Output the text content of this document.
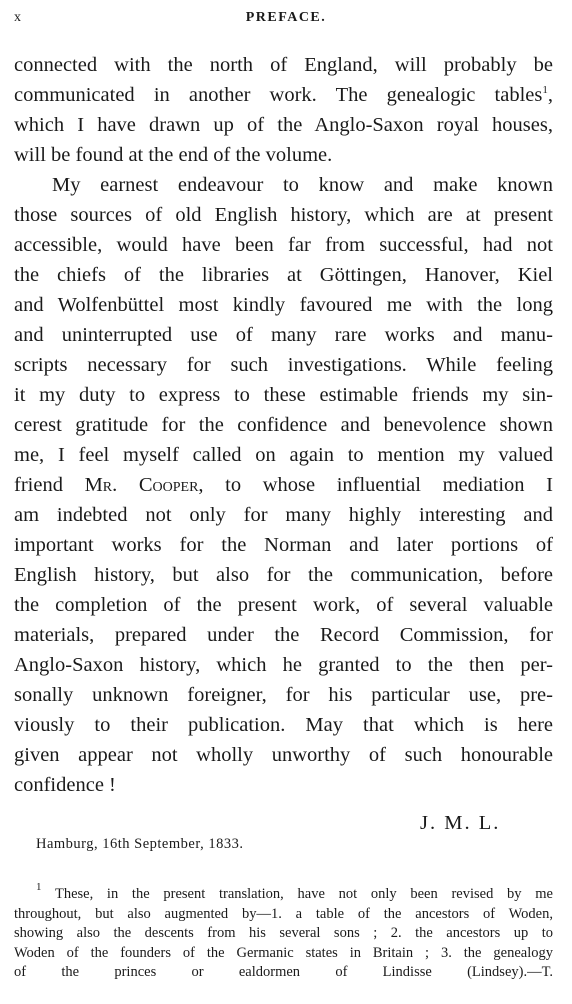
x	PREFACE.

connected with the north of England, will probably be
communicated in another work. The genealogic tables$^1$,
which I have drawn up of the Anglo-Saxon royal houses,
will be found at the end of the volume.

My earnest endeavour to know and make known
those sources of old English history, which are at present
accessible, would have been far from successful, had not
the chiefs of the libraries at Göttingen, Hanover, Kiel
and Wolfenbüttel most kindly favoured me with the long
and uninterrupted use of many rare works and manu-
scripts necessary for such investigations. While feeling
it my duty to express to these estimable friends my sin-
cerest gratitude for the confidence and benevolence shown
me, I feel myself called on again to mention my valued
friend Mr. Cooper, to whose influential mediation I
am indebted not only for many highly interesting and
important works for the Norman and later portions of
English history, but also for the communication, before
the completion of the present work, of several valuable
materials, prepared under the Record Commission, for
Anglo-Saxon history, which he granted to the then per-
sonally unknown foreigner, for his particular use, pre-
viously to their publication. May that which is here
given appear not wholly unworthy of such honourable
confidence !

J. M. L.
Hamburg, 16th September, 1833.
$^1$ These, in the present translation, have not only been revised by me
throughout, but also augmented by—1. a table of the ancestors of Woden,
showing also the descents from his several sons ; 2. the ancestors up to
Woden of the founders of the Germanic states in Britain ; 3. the genealogy
of the princes or ealdormen of Lindisse (Lindsey).—T.
